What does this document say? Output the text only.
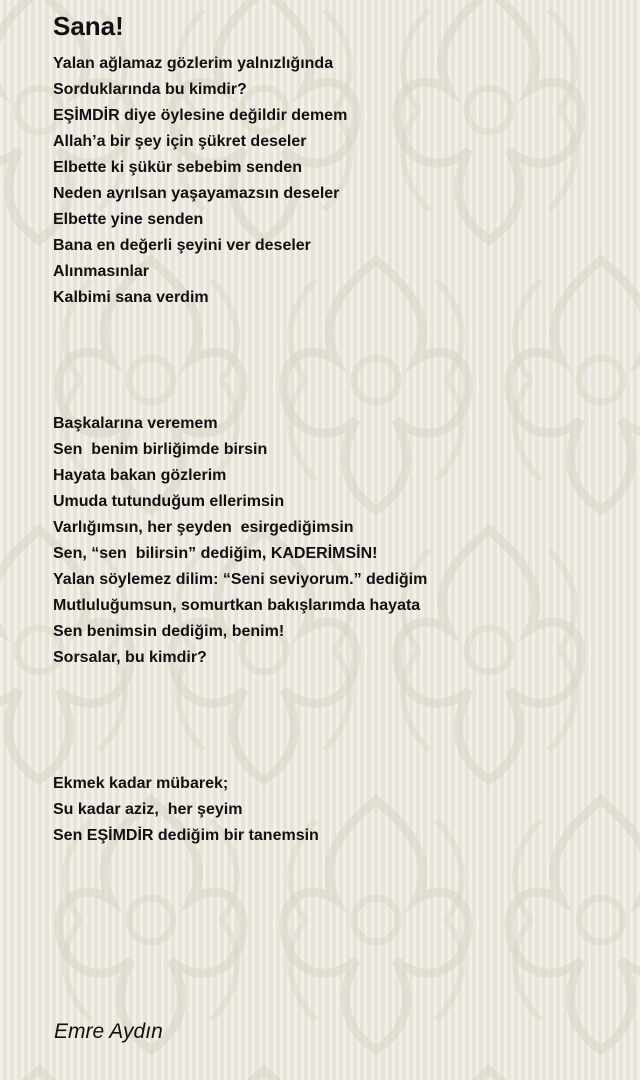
Sana!
Yalan ağlamaz gözlerim yalnızlığında
Sorduklarında bu kimdir?
EŞİMDİR diye öylesine değildir demem
Allah’a bir şey için şükret deseler
Elbette ki şükür sebebim senden
Neden ayrılsan yaşayamazsın deseler
Elbette yine senden
Bana en değerli şeyini ver deseler
Alınmasınlar
Kalbimi sana verdim
Başkalarına veremem
Sen  benim birliğimde birsin
Hayata bakan gözlerim
Umuda tutunduğum ellerimsin
Varlığımsın, her şeyden  esirgediğimsin
Sen, “sen  bilirsin” dediğim, KADERİMSİN!
Yalan söylemez dilim: “Seni seviyorum.” dediğim
Mutluluğumsun, somurtkan bakışlarımda hayata
Sen benimsin dediğim, benim!
Sorsalar, bu kimdir?
Ekmek kadar mübarek;
Su kadar aziz,  her şeyim
Sen EŞİMDİR dediğim bir tanemsin

Emre Aydın
